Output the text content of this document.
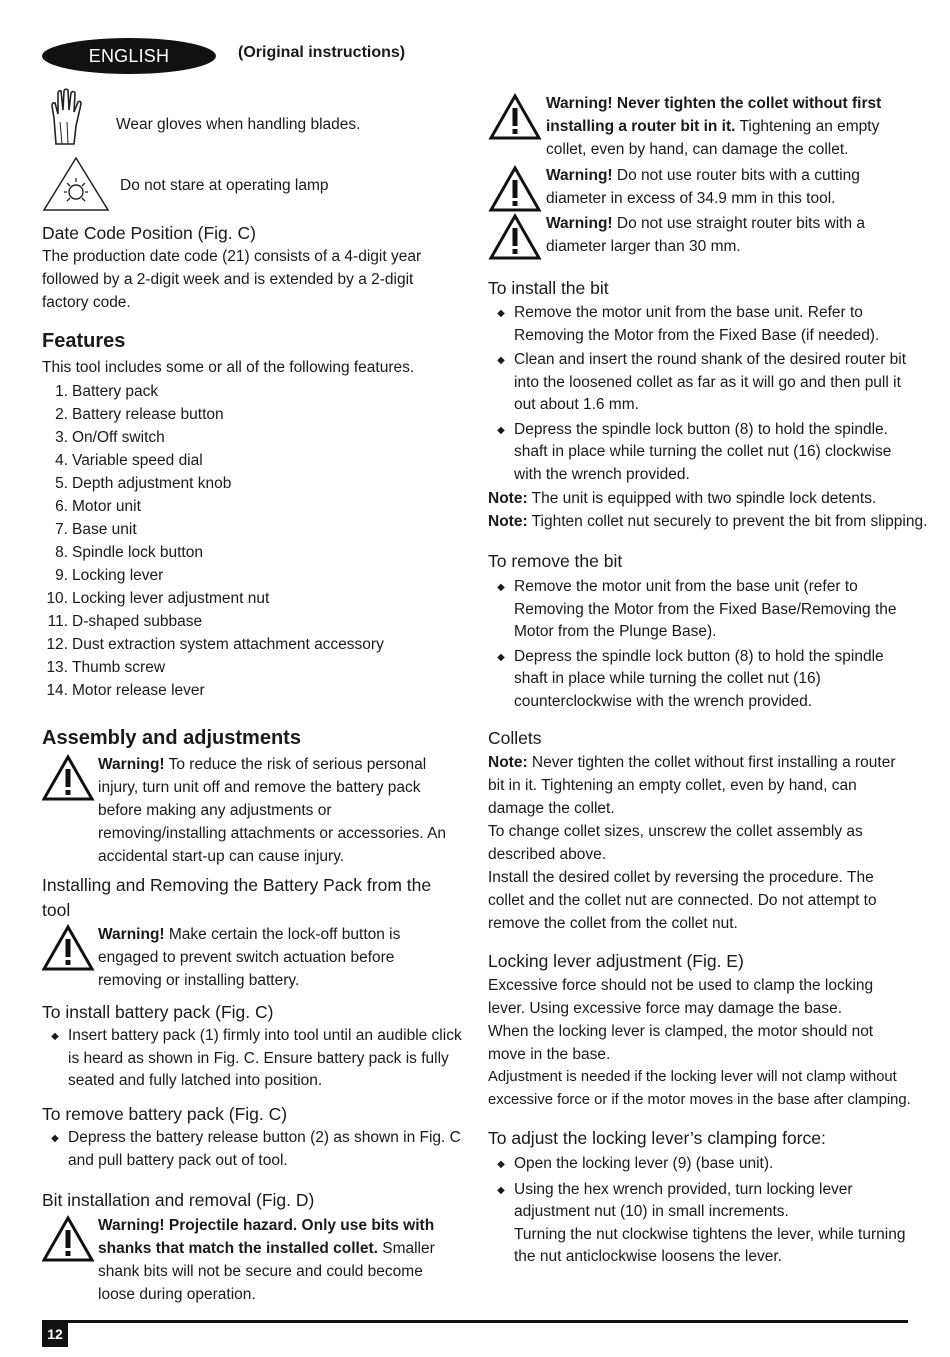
ENGLISH	(Original instructions)
Wear gloves when handling blades.
Do not stare at operating lamp
Date Code Position (Fig. C)
The production date code (21) consists of a 4-digit year followed by a 2-digit week and is extended by a 2-digit factory code.
Features
This tool includes some or all of the following features.
1. Battery pack
2. Battery release button
3. On/Off switch
4. Variable speed dial
5. Depth adjustment knob
6. Motor unit
7. Base unit
8. Spindle lock button
9. Locking lever
10. Locking lever adjustment nut
11. D-shaped subbase
12. Dust extraction system attachment accessory
13. Thumb screw
14. Motor release lever
Assembly and adjustments
Warning! To reduce the risk of serious personal injury, turn unit off and remove the battery pack before making any adjustments or removing/installing attachments or accessories. An accidental start-up can cause injury.
Installing and Removing the Battery Pack from the tool
Warning! Make certain the lock-off button is engaged to prevent switch actuation before removing or installing battery.
To install battery pack (Fig. C)
◆ Insert battery pack (1) firmly into tool until an audible click is heard as shown in Fig. C. Ensure battery pack is fully seated and fully latched into position.
To remove battery pack (Fig. C)
◆ Depress the battery release button (2) as shown in Fig. C and pull battery pack out of tool.
Bit installation and removal (Fig. D)
Warning! Projectile hazard. Only use bits with shanks that match the installed collet. Smaller shank bits will not be secure and could become loose during operation.
Warning! Never tighten the collet without first installing a router bit in it. Tightening an empty collet, even by hand, can damage the collet.
Warning! Do not use router bits with a cutting diameter in excess of 34.9 mm in this tool.
Warning! Do not use straight router bits with a diameter larger than 30 mm.
To install the bit
◆ Remove the motor unit from the base unit. Refer to Removing the Motor from the Fixed Base (if needed).
◆ Clean and insert the round shank of the desired router bit into the loosened collet as far as it will go and then pull it out about 1.6 mm.
◆ Depress the spindle lock button (8) to hold the spindle. shaft in place while turning the collet nut (16) clockwise with the wrench provided.
Note: The unit is equipped with two spindle lock detents.
Note: Tighten collet nut securely to prevent the bit from slipping.
To remove the bit
◆ Remove the motor unit from the base unit (refer to Removing the Motor from the Fixed Base/Removing the Motor from the Plunge Base).
◆ Depress the spindle lock button (8) to hold the spindle shaft in place while turning the collet nut (16) counterclockwise with the wrench provided.
Collets
Note: Never tighten the collet without first installing a router bit in it. Tightening an empty collet, even by hand, can damage the collet.
To change collet sizes, unscrew the collet assembly as described above.
Install the desired collet by reversing the procedure. The collet and the collet nut are connected. Do not attempt to remove the collet from the collet nut.
Locking lever adjustment (Fig. E)
Excessive force should not be used to clamp the locking lever. Using excessive force may damage the base.
When the locking lever is clamped, the motor should not move in the base.
Adjustment is needed if the locking lever will not clamp without excessive force or if the motor moves in the base after clamping.
To adjust the locking lever’s clamping force:
◆ Open the locking lever (9) (base unit).
◆ Using the hex wrench provided, turn locking lever adjustment nut (10) in small increments.
Turning the nut clockwise tightens the lever, while turning the nut anticlockwise loosens the lever.
12
